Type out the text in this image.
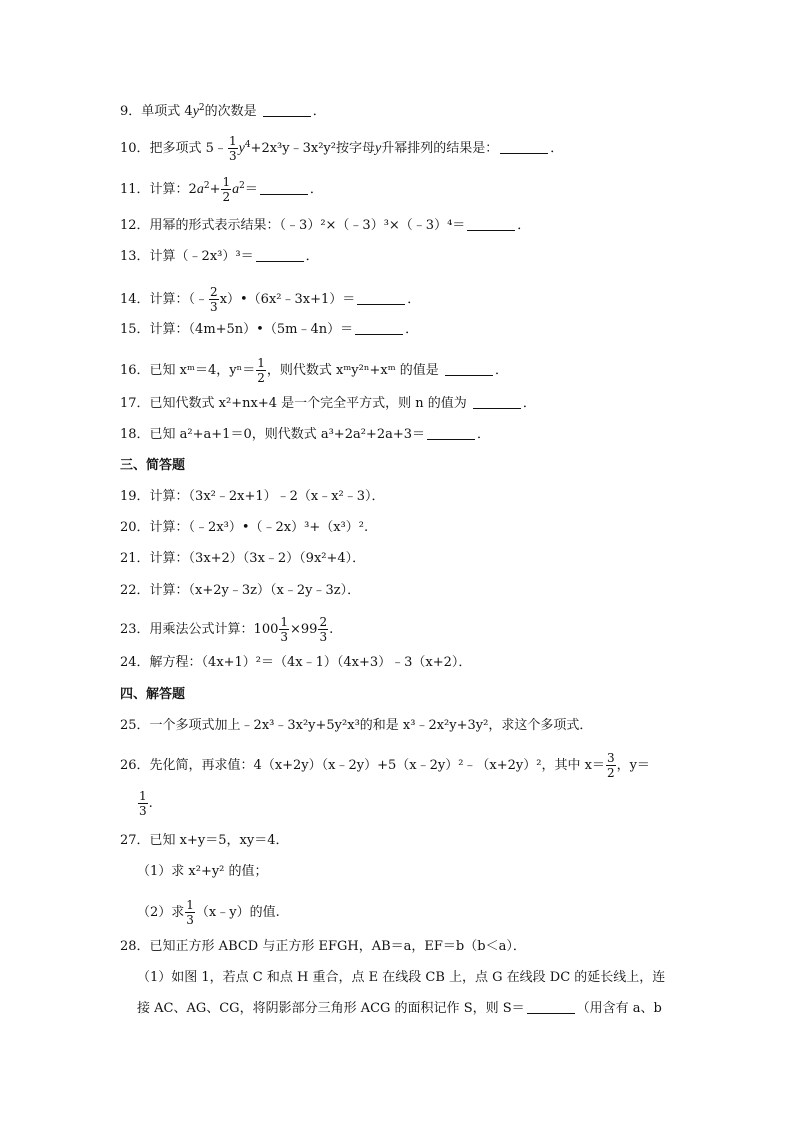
9．单项式 $4y^2$的次数是	．
10．把多项式 5﹣ $\frac{1}{3}$ $y^4+2x^3y﹣3x^2y^2$按字母y升幂排列的结果是：	．
11．计算：$2a^2+ \frac{1}{2} a^2=$	．
12．用幂的形式表示结果：（﹣3）²×（﹣3）³×（﹣3）⁴＝	．
13．计算（﹣2x³）³＝	．
14．计算：（﹣ $\frac{2}{3}$ x）•（6x²﹣3x+1）＝	．
15．计算：（4m+5n）•（5m﹣4n）＝	．
16．已知 xᵐ＝4，$y^n= \frac{1}{2}$ ，则代数式 xᵐy²ⁿ+xᵐ 的值是	．
17．已知代数式 x²+nx+4 是一个完全平方式，则 n 的值为	．
18．已知 a²+a+1＝0，则代数式 a³+2a²+2a+3＝	．
三、简答题
19．计算：（3x²﹣2x+1）﹣2（x﹣x²﹣3）．
20．计算：（﹣2x³）•（﹣2x）³+（x³）².
21．计算：（3x+2）（3x﹣2）（9x²+4）．
22．计算：（x+2y﹣3z）（x﹣2y﹣3z）．
23．用乘法公式计算：$100 \frac{1}{3} \times 99 \frac{2}{3}$ .
24．解方程：（4x+1）²＝（4x﹣1）（4x+3）﹣3（x+2）．
四、解答题
25．一个多项式加上﹣2x³﹣3x²y+5y²x³的和是 x³﹣2x²y+3y²，求这个多项式．
26．先化简，再求值：4（x+2y）（x﹣2y）+5（x﹣2y）²﹣（x+2y）²，其中 $x= \frac{3}{2}$ ，y＝
$\frac{1}{3}$ .
27．已知 x+y＝5，xy＝4．
（1）求 x²+y² 的值；
（2）求 $\frac{1}{3}$ （x﹣y）的值.
28．已知正方形 ABCD 与正方形 EFGH，AB＝a，EF＝b（b＜a）．
（1）如图 1，若点 C 和点 H 重合，点 E 在线段 CB 上，点 G 在线段 DC 的延长线上，连
接 AC、AG、CG，将阴影部分三角形 ACG 的面积记作 S，则 S＝	（用含有 a、b
